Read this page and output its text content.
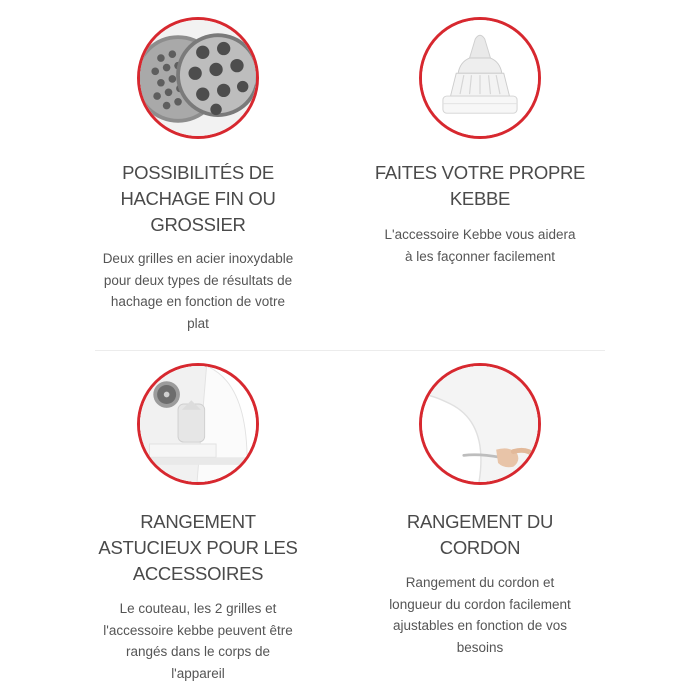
POSSIBILITÉS DE
HACHAGE FIN OU
GROSSIER
Deux grilles en acier inoxydable
pour deux types de résultats de
hachage en fonction de votre
plat
FAITES VOTRE PROPRE
KEBBE
L'accessoire Kebbe vous aidera
à les façonner facilement
RANGEMENT
ASTUCIEUX POUR LES
ACCESSOIRES
Le couteau, les 2 grilles et
l'accessoire kebbe peuvent être
rangés dans le corps de
l'appareil
RANGEMENT DU
CORDON
Rangement du cordon et
longueur du cordon facilement
ajustables en fonction de vos
besoins
